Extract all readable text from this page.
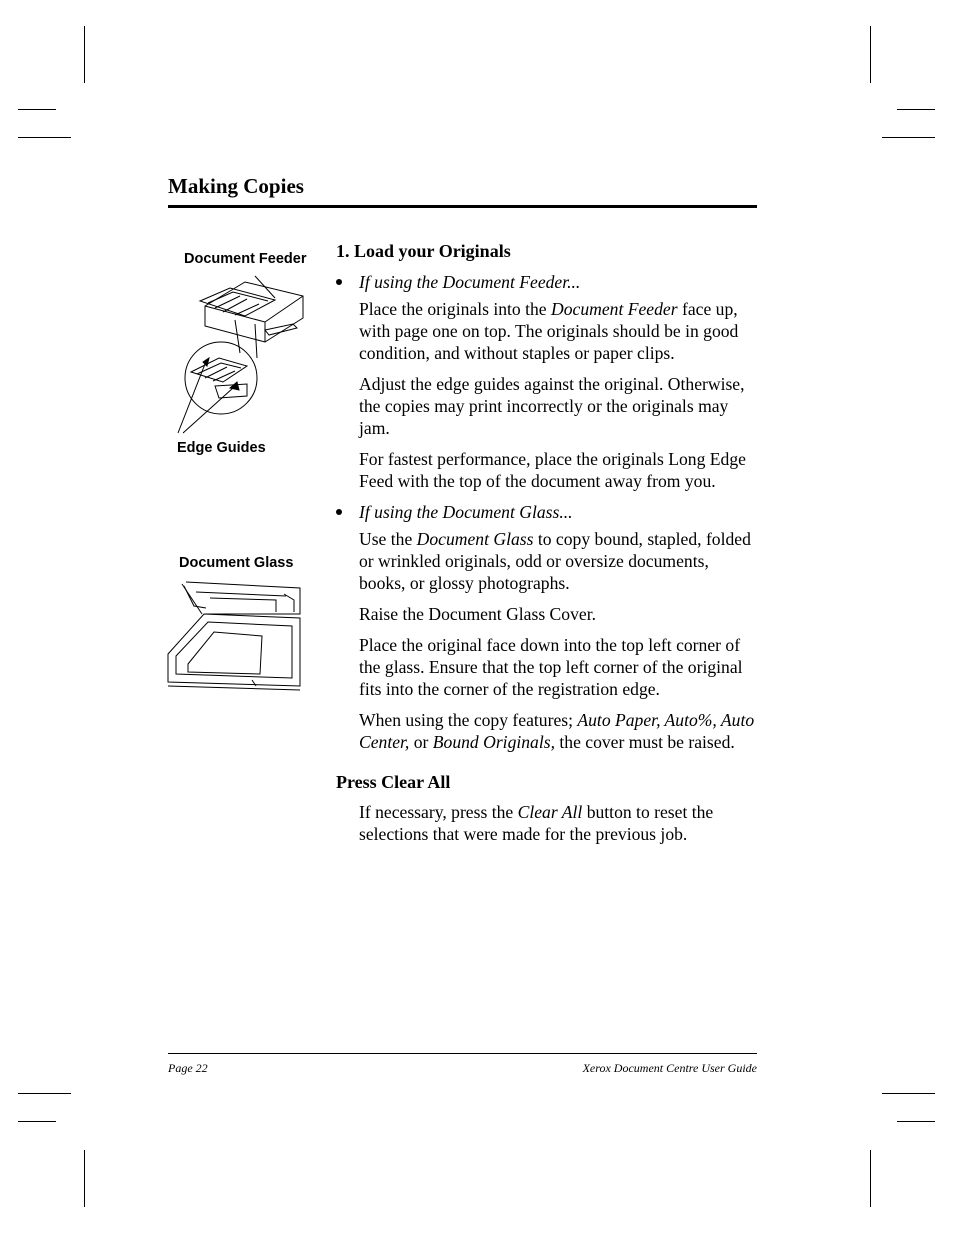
Making Copies
Document Feeder
Edge Guides
Document Glass
1. Load your Originals
If using the Document Feeder...
Place the originals into the Document Feeder face up, with page one on top. The originals should be in good condition, and without staples or paper clips.
Adjust the edge guides against the original. Otherwise, the copies may print incorrectly or the originals may jam.
For fastest performance, place the originals Long Edge Feed with the top of the document away from you.
If using the Document Glass...
Use the Document Glass to copy bound, stapled, folded or wrinkled originals, odd or oversize documents, books, or glossy photographs.
Raise the Document Glass Cover.
Place the original face down into the top left corner of the glass. Ensure that the top left corner of the original fits into the corner of the registration edge.
When using the copy features; Auto Paper, Auto%, Auto Center, or Bound Originals, the cover must be raised.
Press Clear All
If necessary, press the Clear All button to reset the selections that were made for the previous job.
Page 22	Xerox Document Centre User Guide
